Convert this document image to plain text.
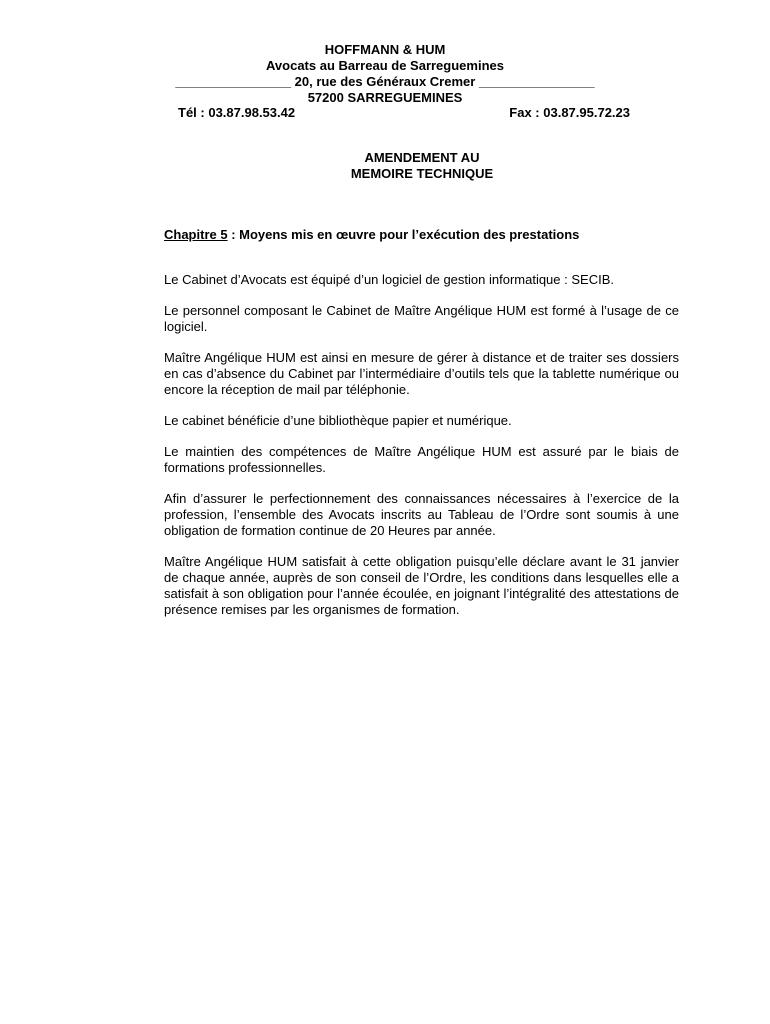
HOFFMANN & HUM
Avocats au Barreau de Sarreguemines
________________ 20, rue des Généraux Cremer ________________
57200 SARREGUEMINES
Tél : 03.87.98.53.42	Fax : 03.87.95.72.23
AMENDEMENT AU
MEMOIRE TECHNIQUE
Chapitre 5 : Moyens mis en œuvre pour l’exécution des prestations

Le Cabinet d’Avocats est équipé d’un logiciel de gestion informatique : SECIB.

Le personnel composant le Cabinet de Maître Angélique HUM est formé à l’usage de ce logiciel.

Maître Angélique HUM est ainsi en mesure de gérer à distance et de traiter ses dossiers en cas d’absence du Cabinet par l’intermédiaire d’outils tels que la tablette numérique ou encore la réception de mail par téléphonie.

Le cabinet bénéficie d’une bibliothèque papier et numérique.

Le maintien des compétences de Maître Angélique HUM est assuré par le biais de formations professionnelles.

Afin d’assurer le perfectionnement des connaissances nécessaires à l’exercice de la profession, l’ensemble des Avocats inscrits au Tableau de l’Ordre sont soumis à une obligation de formation continue de 20 Heures par année.

Maître Angélique HUM satisfait à cette obligation puisqu’elle déclare avant le 31 janvier de chaque année, auprès de son conseil de l’Ordre, les conditions dans lesquelles elle a satisfait à son obligation pour l’année écoulée, en joignant l’intégralité des attestations de présence remises par les organismes de formation.
